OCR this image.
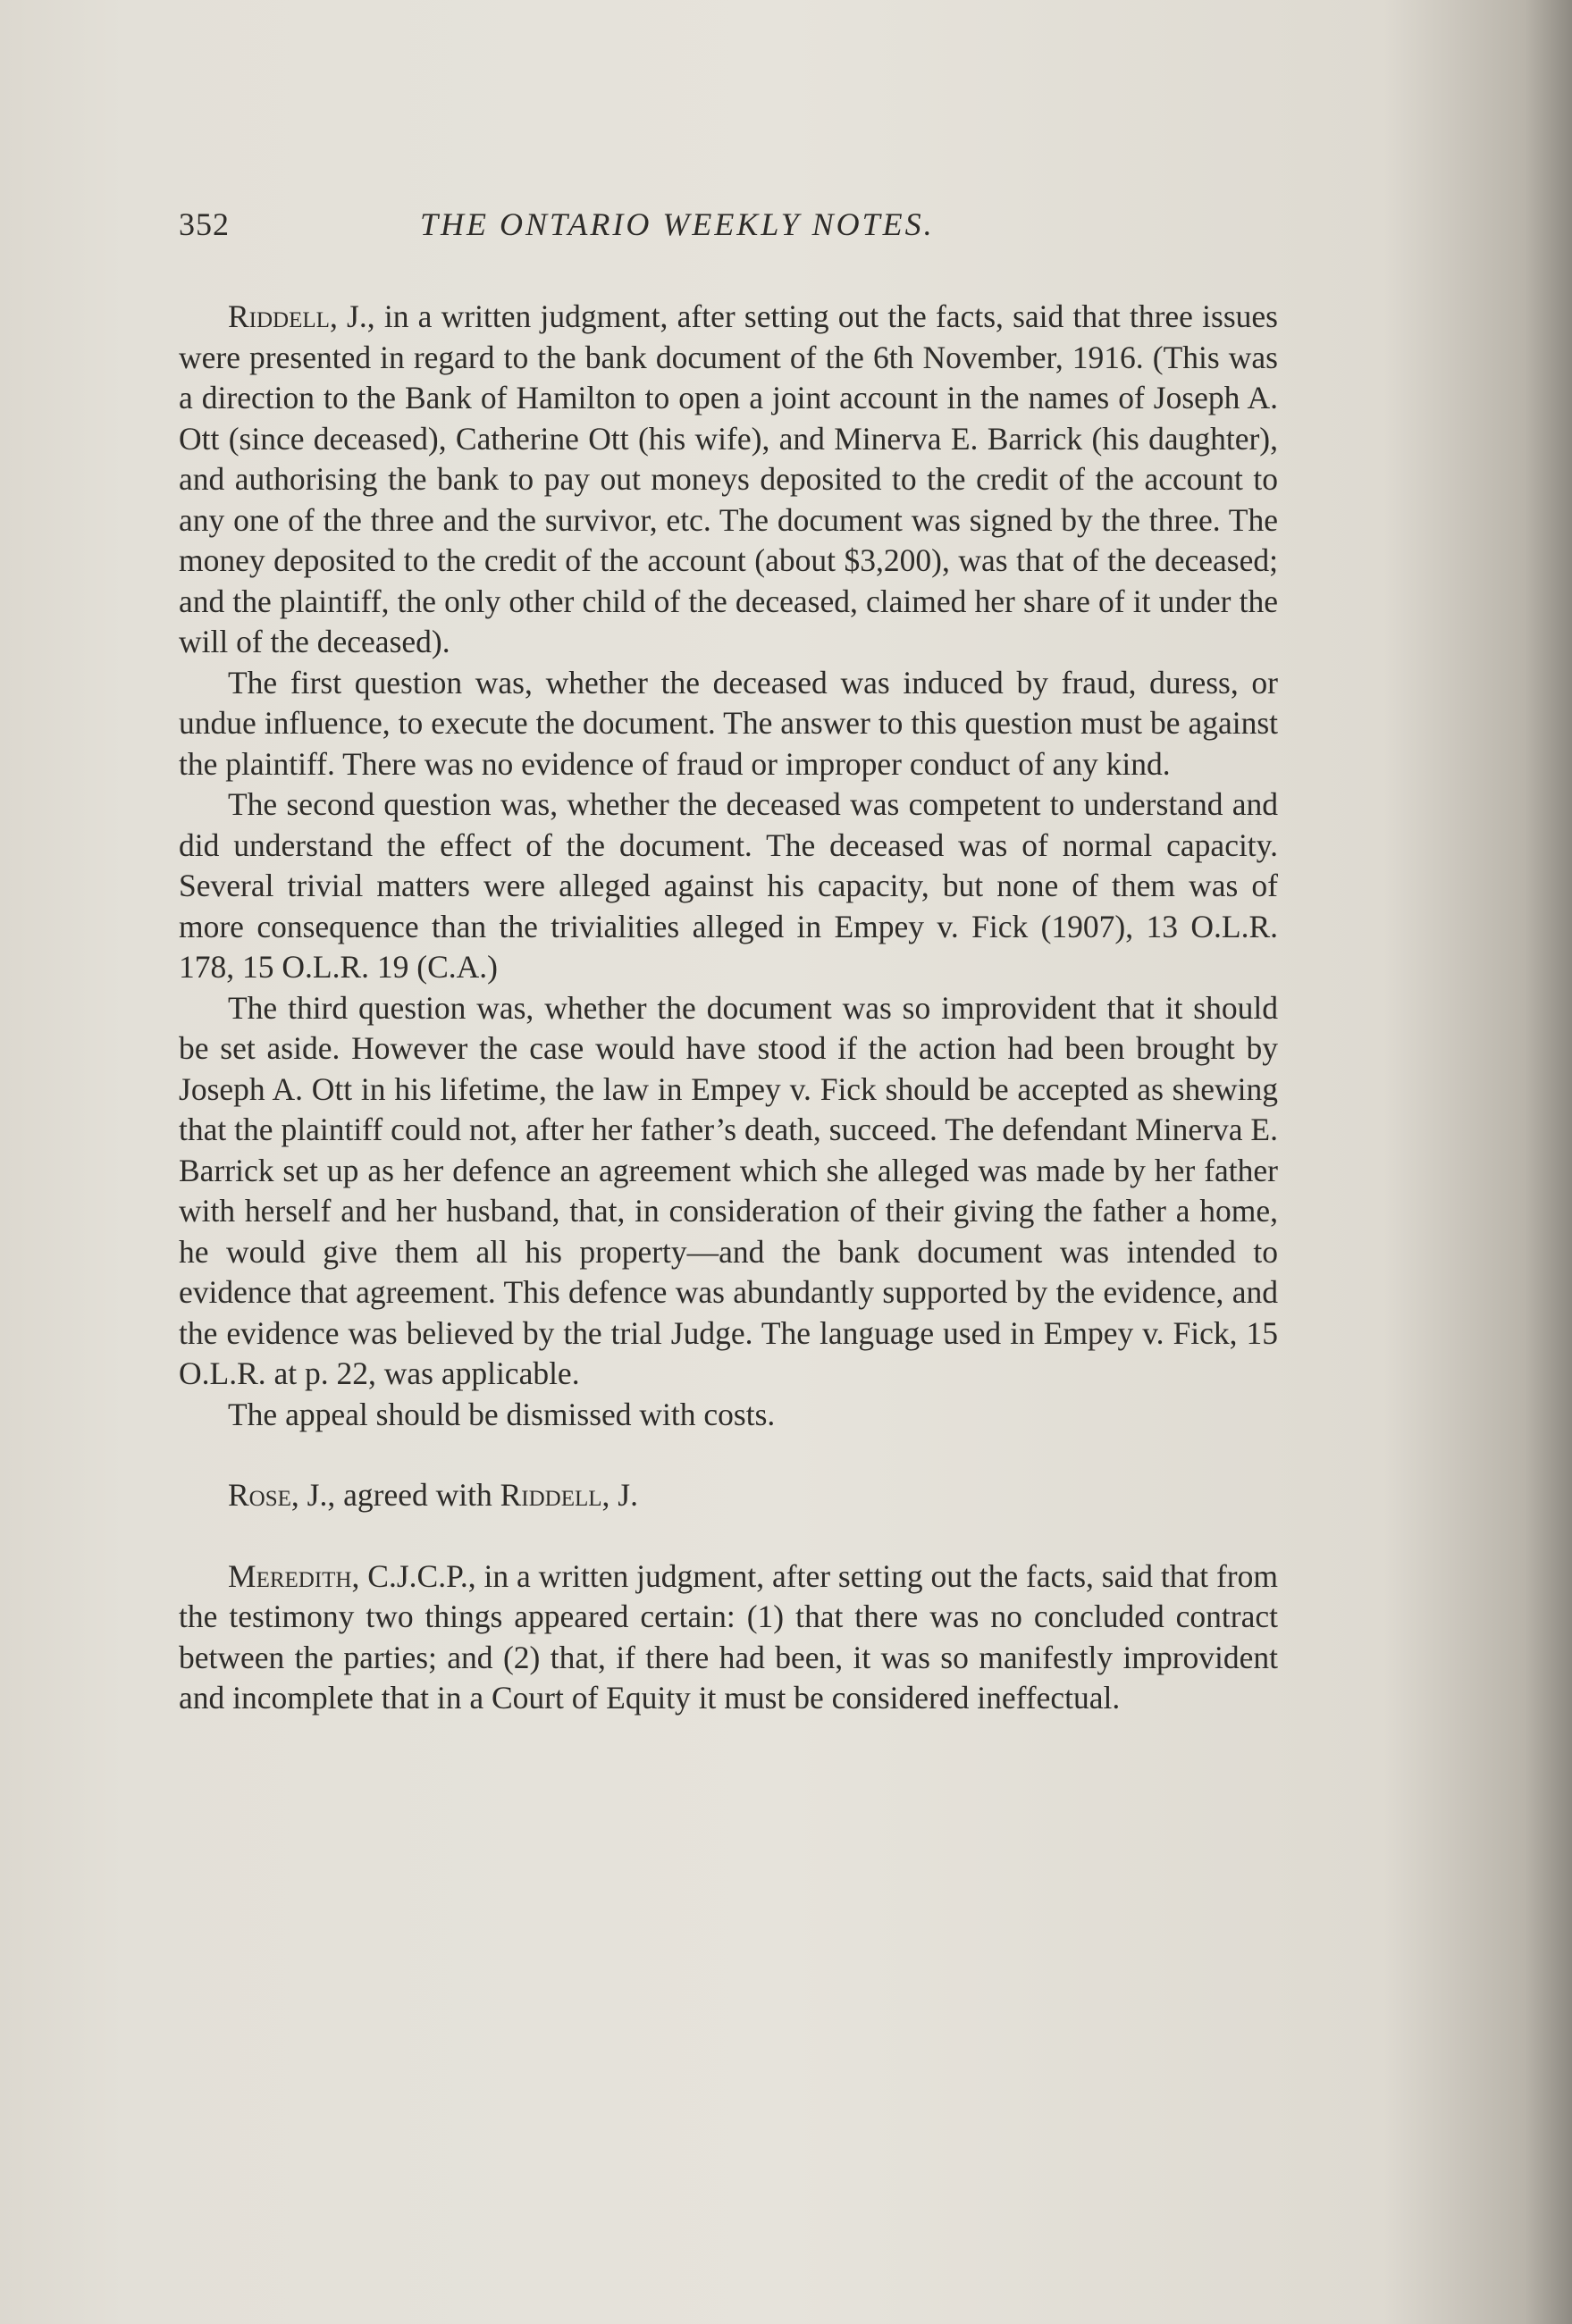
352	THE ONTARIO WEEKLY NOTES.

Riddell, J., in a written judgment, after setting out the facts, said that three issues were presented in regard to the bank document of the 6th November, 1916. (This was a direction to the Bank of Hamilton to open a joint account in the names of Joseph A. Ott (since deceased), Catherine Ott (his wife), and Minerva E. Barrick (his daughter), and authorising the bank to pay out moneys deposited to the credit of the account to any one of the three and the survivor, etc. The document was signed by the three. The money deposited to the credit of the account (about $3,200), was that of the deceased; and the plaintiff, the only other child of the deceased, claimed her share of it under the will of the deceased).

The first question was, whether the deceased was induced by fraud, duress, or undue influence, to execute the document. The answer to this question must be against the plaintiff. There was no evidence of fraud or improper conduct of any kind.

The second question was, whether the deceased was competent to understand and did understand the effect of the document. The deceased was of normal capacity. Several trivial matters were alleged against his capacity, but none of them was of more consequence than the trivialities alleged in Empey v. Fick (1907), 13 O.L.R. 178, 15 O.L.R. 19 (C.A.)

The third question was, whether the document was so improvident that it should be set aside. However the case would have stood if the action had been brought by Joseph A. Ott in his lifetime, the law in Empey v. Fick should be accepted as shewing that the plaintiff could not, after her father’s death, succeed. The defendant Minerva E. Barrick set up as her defence an agreement which she alleged was made by her father with herself and her husband, that, in consideration of their giving the father a home, he would give them all his property—and the bank document was intended to evidence that agreement. This defence was abundantly supported by the evidence, and the evidence was believed by the trial Judge. The language used in Empey v. Fick, 15 O.L.R. at p. 22, was applicable.

The appeal should be dismissed with costs.

Rose, J., agreed with Riddell, J.

Meredith, C.J.C.P., in a written judgment, after setting out the facts, said that from the testimony two things appeared certain: (1) that there was no concluded contract between the parties; and (2) that, if there had been, it was so manifestly improvident and incomplete that in a Court of Equity it must be considered ineffectual.
